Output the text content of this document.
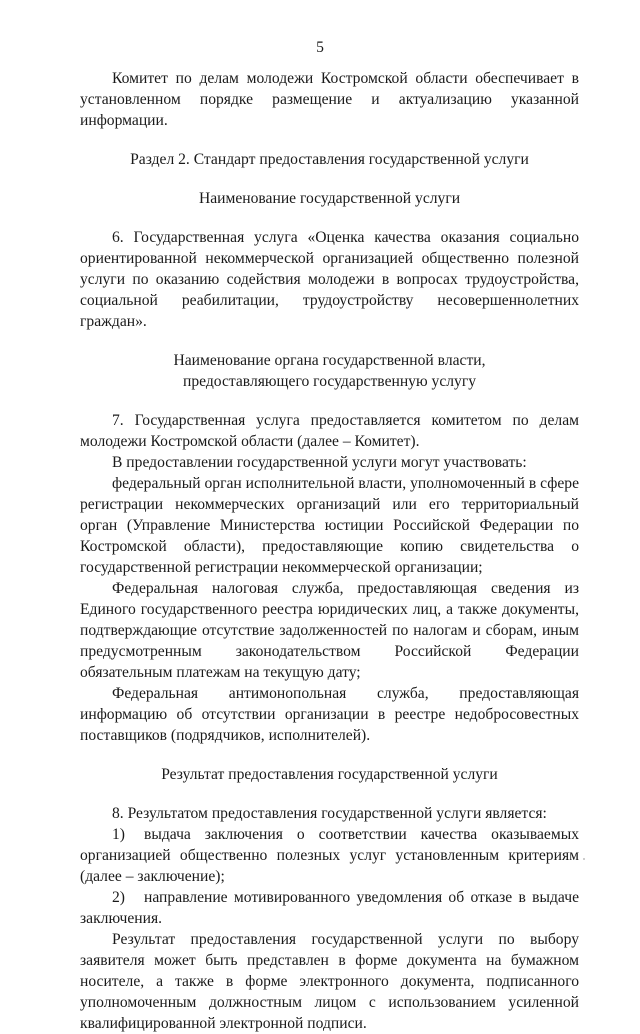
5

Комитет по делам молодежи Костромской области обеспечивает в установленном порядке размещение и актуализацию указанной информации.

Раздел 2. Стандарт предоставления государственной услуги

Наименование государственной услуги

6. Государственная услуга «Оценка качества оказания социально ориентированной некоммерческой организацией общественно полезной услуги по оказанию содействия молодежи в вопросах трудоустройства, социальной реабилитации, трудоустройству несовершеннолетних граждан».

Наименование органа государственной власти,

предоставляющего государственную услугу

7. Государственная услуга предоставляется комитетом по делам молодежи Костромской области (далее – Комитет).

В предоставлении государственной услуги могут участвовать:

федеральный орган исполнительной власти, уполномоченный в сфере регистрации некоммерческих организаций или его территориальный орган (Управление Министерства юстиции Российской Федерации по Костромской области), предоставляющие копию свидетельства о государственной регистрации некоммерческой организации;

Федеральная налоговая служба, предоставляющая сведения из Единого государственного реестра юридических лиц, а также документы, подтверждающие отсутствие задолженностей по налогам и сборам, иным предусмотренным законодательством Российской Федерации обязательным платежам на текущую дату;

Федеральная антимонопольная служба, предоставляющая информацию об отсутствии организации в реестре недобросовестных поставщиков (подрядчиков, исполнителей).

Результат предоставления государственной услуги

8. Результатом предоставления государственной услуги является:

1) выдача заключения о соответствии качества оказываемых организацией общественно полезных услуг установленным критериям (далее – заключение);

2) направление мотивированного уведомления об отказе в выдаче заключения.

Результат предоставления государственной услуги по выбору заявителя может быть представлен в форме документа на бумажном носителе, а также в форме электронного документа, подписанного уполномоченным должностным лицом с использованием усиленной квалифицированной электронной подписи.
